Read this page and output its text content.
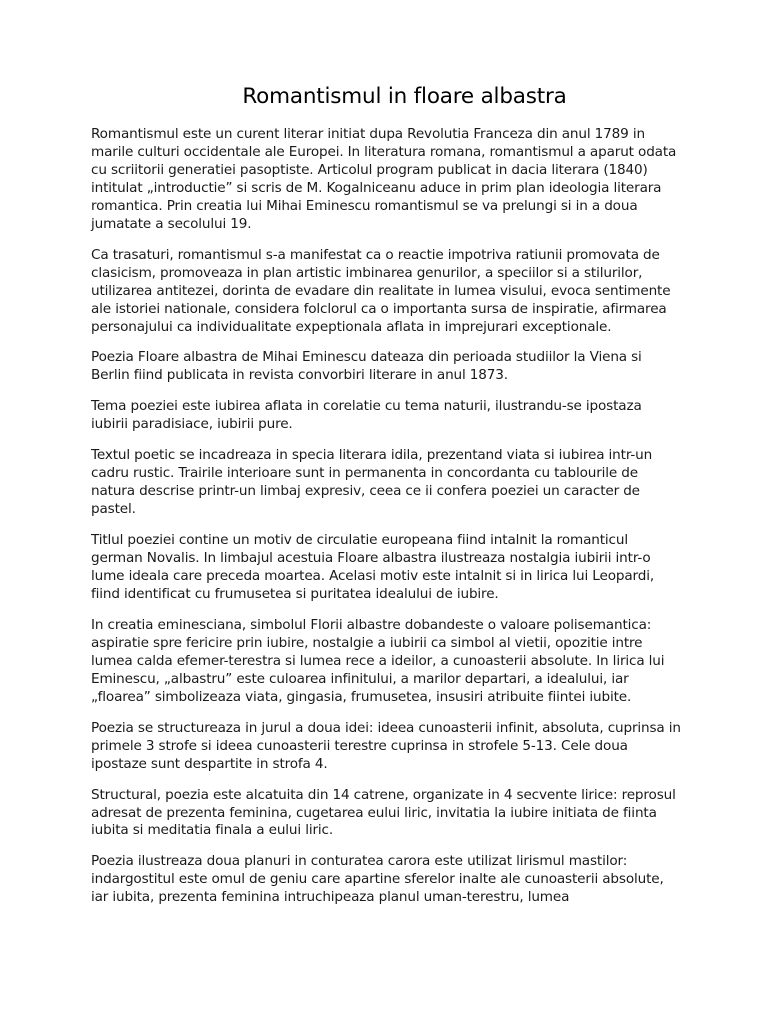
Romantismul in floare albastra

Romantismul este un curent literar initiat dupa Revolutia Franceza din anul 1789 in marile culturi occidentale ale Europei. In literatura romana, romantismul a aparut odata cu scriitorii generatiei pasoptiste. Articolul program publicat in dacia literara (1840) intitulat „introductie” si scris de M. Kogalniceanu aduce in prim plan ideologia literara romantica. Prin creatia lui Mihai Eminescu romantismul se va prelungi si in a doua jumatate a secolului 19.

Ca trasaturi, romantismul s-a manifestat ca o reactie impotriva ratiunii promovata de clasicism, promoveaza in plan artistic imbinarea genurilor, a speciilor si a stilurilor, utilizarea antitezei, dorinta de evadare din realitate in lumea visului, evoca sentimente ale istoriei nationale, considera folclorul ca o importanta sursa de inspiratie, afirmarea personajului ca individualitate expeptionala aflata in imprejurari exceptionale.

Poezia Floare albastra de Mihai Eminescu dateaza din perioada studiilor la Viena si Berlin fiind publicata in revista convorbiri literare in anul 1873.

Tema poeziei este iubirea aflata in corelatie cu tema naturii, ilustrandu-se ipostaza iubirii paradisiace, iubirii pure.

Textul poetic se incadreaza in specia literara idila, prezentand viata si iubirea intr-un cadru rustic. Trairile interioare sunt in permanenta in concordanta cu tablourile de natura descrise printr-un limbaj expresiv, ceea ce ii confera poeziei un caracter de pastel.

Titlul poeziei contine un motiv de circulatie europeana fiind intalnit la romanticul german Novalis. In limbajul acestuia Floare albastra ilustreaza nostalgia iubirii intr-o lume ideala care preceda moartea. Acelasi motiv este intalnit si in lirica lui Leopardi, fiind identificat cu frumusetea si puritatea idealului de iubire.

In creatia eminesciana, simbolul Florii albastre dobandeste o valoare polisemantica: aspiratie spre fericire prin iubire, nostalgie a iubirii ca simbol al vietii, opozitie intre lumea calda efemer-terestra si lumea rece a ideilor, a cunoasterii absolute. In lirica lui Eminescu, „albastru” este culoarea infinitului, a marilor departari, a idealului, iar „floarea” simbolizeaza viata, gingasia, frumusetea, insusiri atribuite fiintei iubite.

Poezia se structureaza in jurul a doua idei: ideea cunoasterii infinit, absoluta, cuprinsa in primele 3 strofe si ideea cunoasterii terestre cuprinsa in strofele 5-13. Cele doua ipostaze sunt despartite in strofa 4.

Structural, poezia este alcatuita din 14 catrene, organizate in 4 secvente lirice: reprosul adresat de prezenta feminina, cugetarea eului liric, invitatia la iubire initiata de fiinta iubita si meditatia finala a eului liric.

Poezia ilustreaza doua planuri in conturatea carora este utilizat lirismul mastilor: indargostitul este omul de geniu care apartine sferelor inalte ale cunoasterii absolute, iar iubita, prezenta feminina intruchipeaza planul uman-terestru, lumea
